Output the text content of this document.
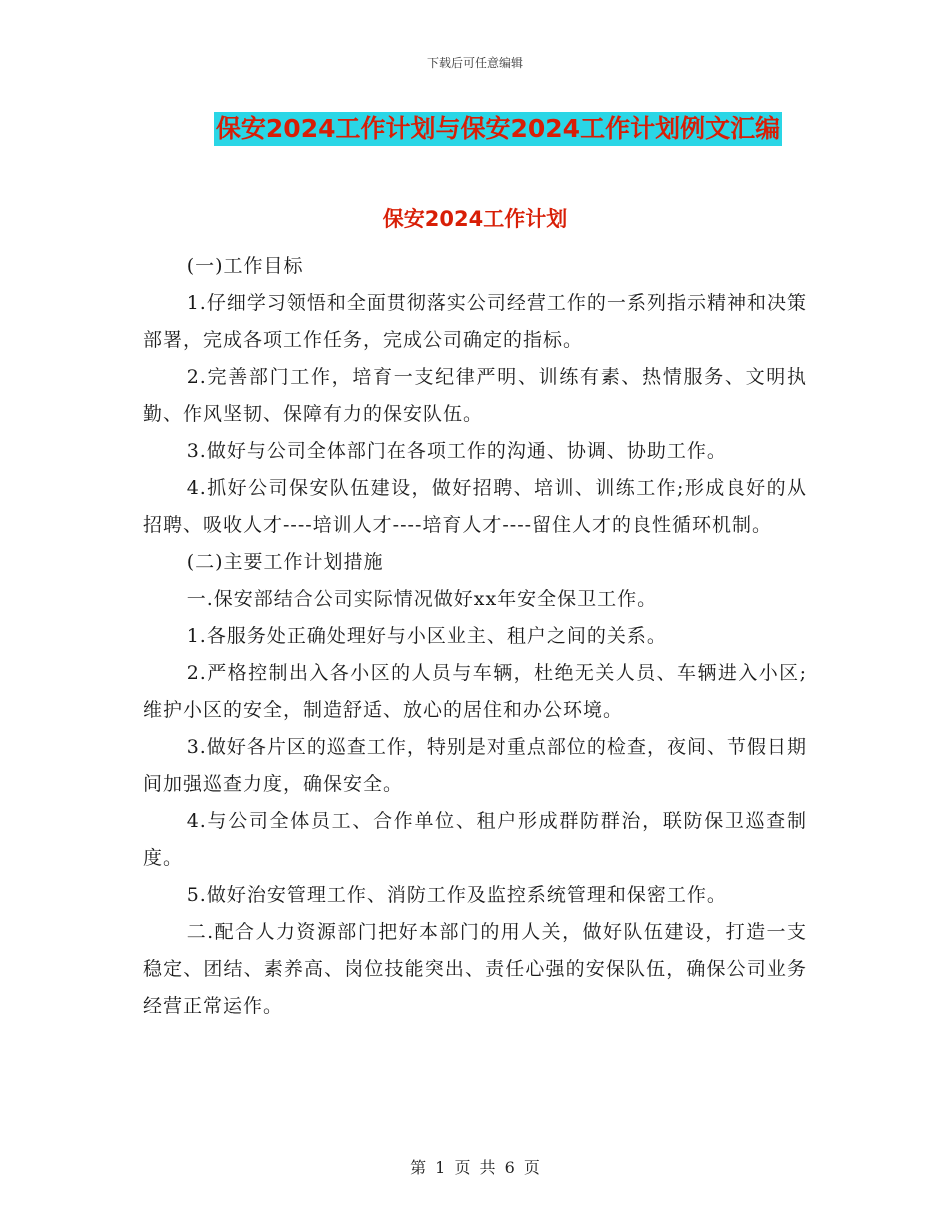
下载后可任意编辑
保安2024工作计划与保安2024工作计划例文汇编
保安2024工作计划

(一)工作目标

1.仔细学习领悟和全面贯彻落实公司经营工作的一系列指示精神和决策部署，完成各项工作任务，完成公司确定的指标。

2.完善部门工作，培育一支纪律严明、训练有素、热情服务、文明执勤、作风坚韧、保障有力的保安队伍。

3.做好与公司全体部门在各项工作的沟通、协调、协助工作。

4.抓好公司保安队伍建设，做好招聘、培训、训练工作;形成良好的从招聘、吸收人才----培训人才----培育人才----留住人才的良性循环机制。

(二)主要工作计划措施

一.保安部结合公司实际情况做好xx年安全保卫工作。

1.各服务处正确处理好与小区业主、租户之间的关系。

2.严格控制出入各小区的人员与车辆，杜绝无关人员、车辆进入小区;维护小区的安全，制造舒适、放心的居住和办公环境。

3.做好各片区的巡查工作，特别是对重点部位的检查，夜间、节假日期间加强巡查力度，确保安全。

4.与公司全体员工、合作单位、租户形成群防群治，联防保卫巡查制度。

5.做好治安管理工作、消防工作及监控系统管理和保密工作。

二.配合人力资源部门把好本部门的用人关，做好队伍建设，打造一支稳定、团结、素养高、岗位技能突出、责任心强的安保队伍，确保公司业务经营正常运作。

第 1 页 共 6 页
